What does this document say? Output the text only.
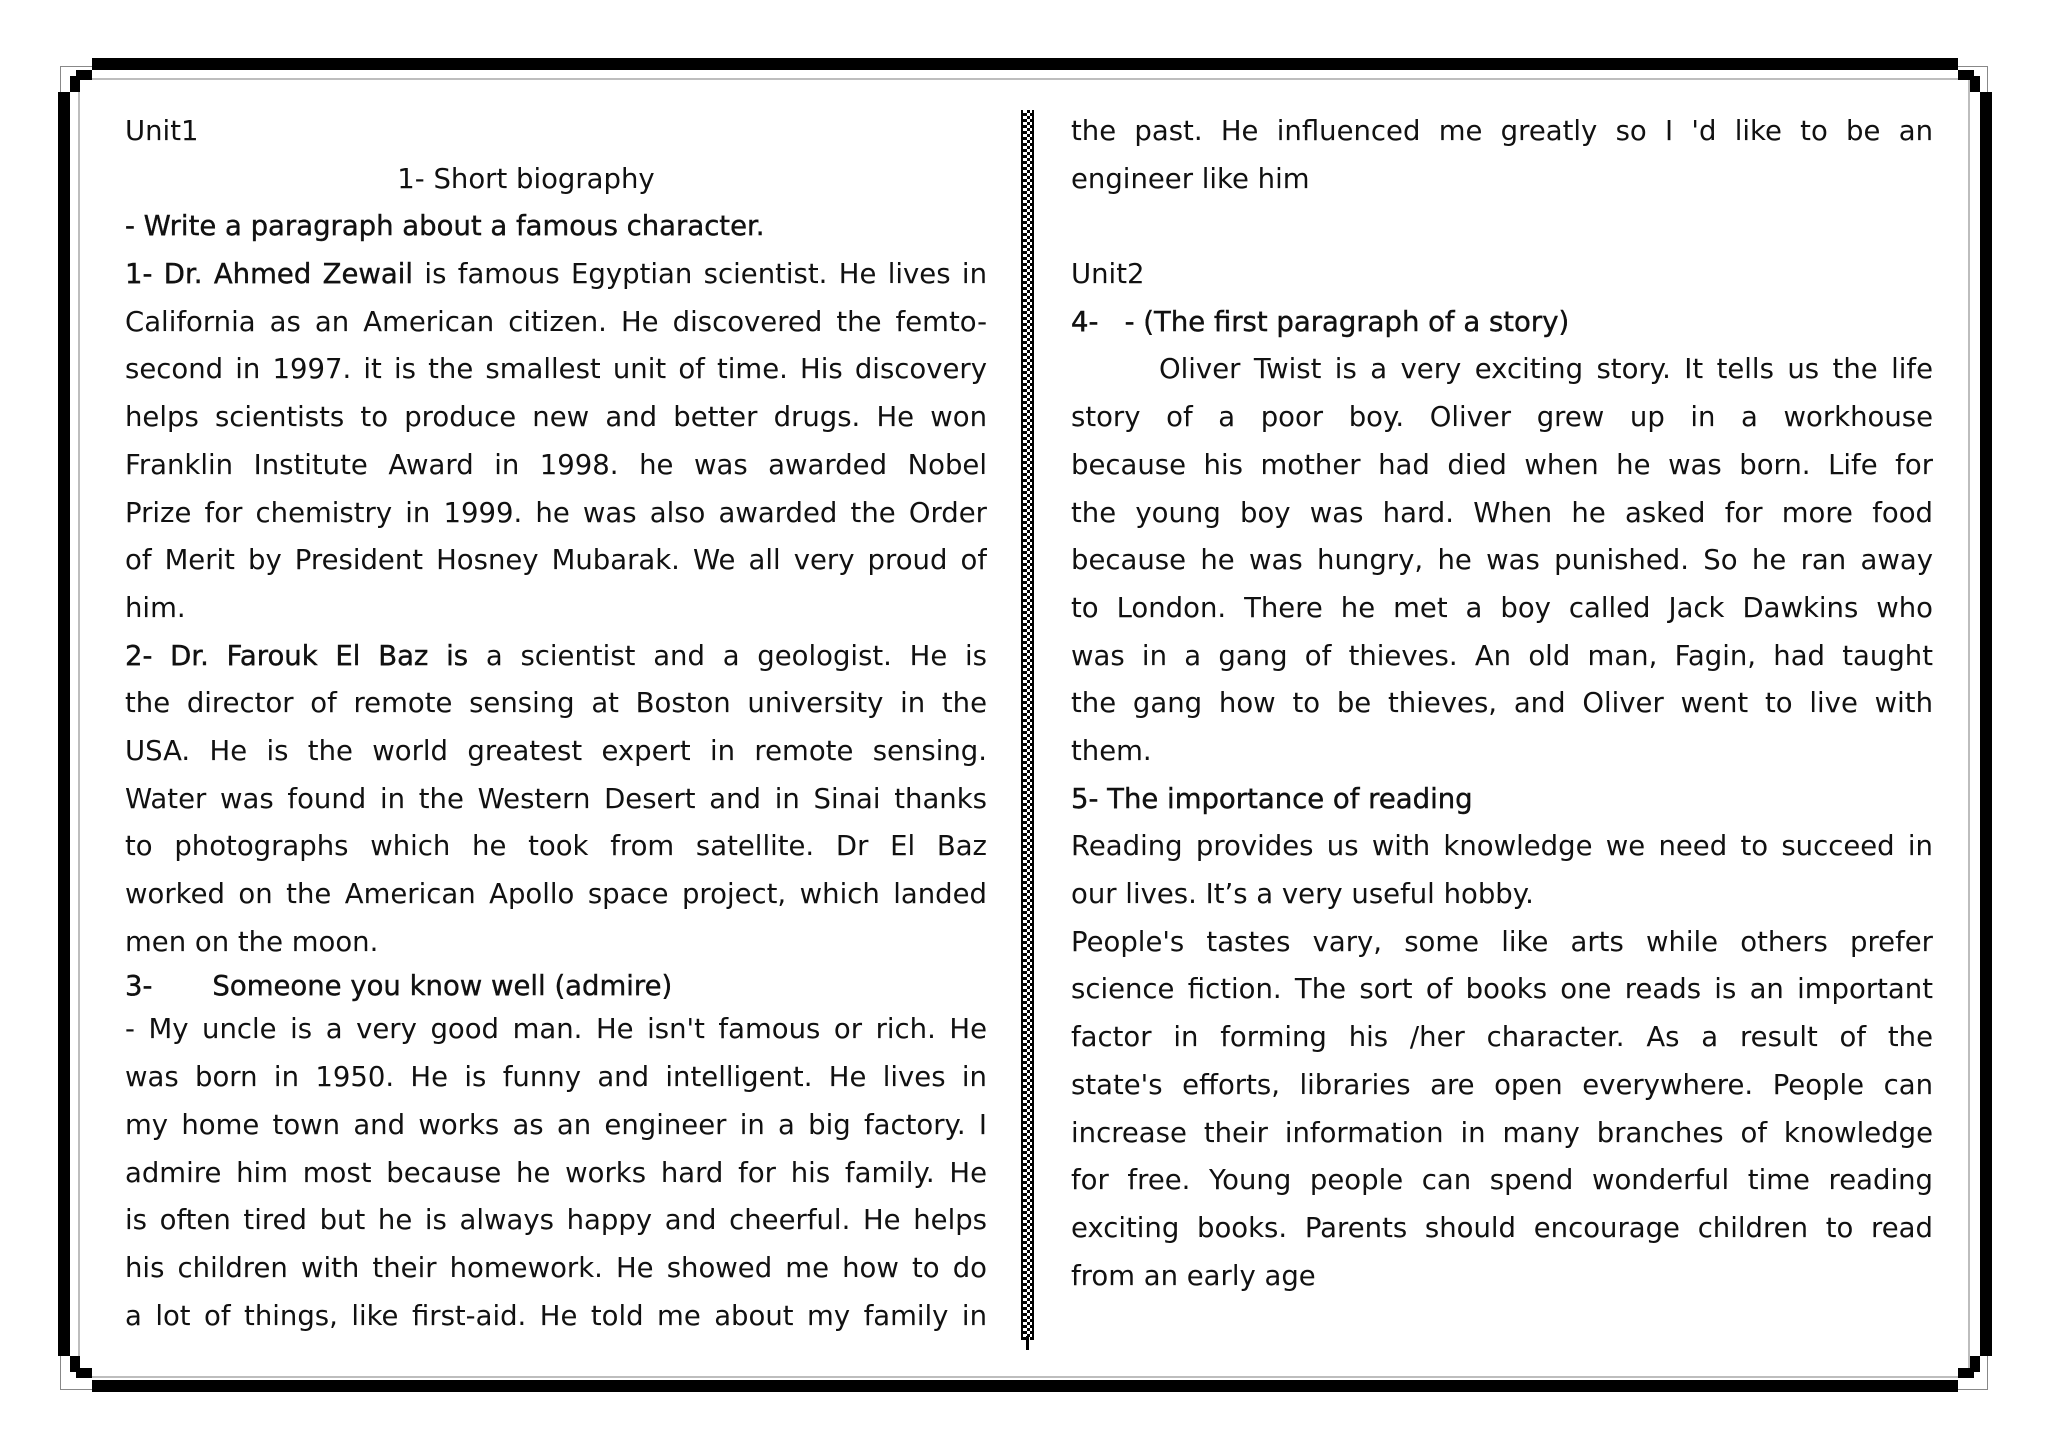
Unit1
1- Short biography
- Write a paragraph about a famous character.
1- Dr. Ahmed Zewail is famous Egyptian scientist. He lives in
California as an American citizen. He discovered the femto-
second in 1997. it is the smallest unit of time. His discovery
helps scientists to produce new and better drugs. He won
Franklin Institute Award in 1998. he was awarded Nobel
Prize for chemistry in 1999. he was also awarded the Order
of Merit by President Hosney Mubarak. We all very proud of
him.
2- Dr. Farouk El Baz is a scientist and a geologist. He is
the director of remote sensing at Boston university in the
USA. He is the world greatest expert in remote sensing.
Water was found in the Western Desert and in Sinai thanks
to photographs which he took from satellite. Dr El Baz
worked on the American Apollo space project, which landed
men on the moon.
3- Someone you know well (admire)
- My uncle is a very good man. He isn't famous or rich. He
was born in 1950. He is funny and intelligent. He lives in
my home town and works as an engineer in a big factory. I
admire him most because he works hard for his family. He
is often tired but he is always happy and cheerful. He helps
his children with their homework. He showed me how to do
a lot of things, like first-aid. He told me about my family in
the past. He influenced me greatly so I 'd like to be an
engineer like him
Unit2
4-   - (The first paragraph of a story)
Oliver Twist is a very exciting story. It tells us the life
story of a poor boy. Oliver grew up in a workhouse
because his mother had died when he was born. Life for
the young boy was hard. When he asked for more food
because he was hungry, he was punished. So he ran away
to London. There he met a boy called Jack Dawkins who
was in a gang of thieves. An old man, Fagin, had taught
the gang how to be thieves, and Oliver went to live with
them.
5- The importance of reading
Reading provides us with knowledge we need to succeed in
our lives. It’s a very useful hobby.
People's tastes vary, some like arts while others prefer
science fiction. The sort of books one reads is an important
factor in forming his /her character. As a result of the
state's efforts, libraries are open everywhere. People can
increase their information in many branches of knowledge
for free. Young people can spend wonderful time reading
exciting books. Parents should encourage children to read
from an early age
